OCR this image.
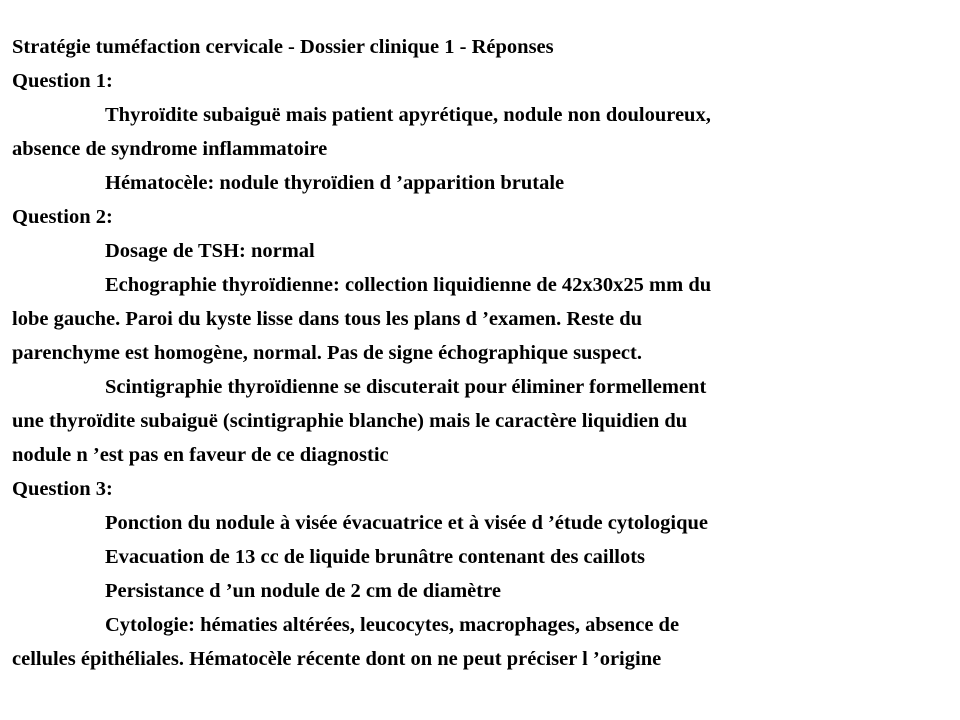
Stratégie tuméfaction cervicale - Dossier clinique 1 - Réponses
Question 1:
Thyroïdite subaiguë mais patient apyrétique, nodule non douloureux,
absence de syndrome inflammatoire
Hématocèle: nodule thyroïdien d ’apparition brutale
Question 2:
Dosage de TSH: normal
Echographie thyroïdienne: collection liquidienne de 42x30x25 mm du
lobe gauche. Paroi du kyste lisse dans tous les plans d ’examen. Reste du
parenchyme est homogène, normal. Pas de signe échographique suspect.
Scintigraphie thyroïdienne se discuterait pour éliminer formellement
une thyroïdite subaiguë (scintigraphie blanche) mais le caractère liquidien du
nodule n ’est pas en faveur de ce diagnostic
Question 3:
Ponction du nodule à visée évacuatrice et à visée d ’étude cytologique
Evacuation de 13 cc de liquide brunâtre contenant des caillots
Persistance d ’un nodule de 2 cm de diamètre
Cytologie: hématies altérées, leucocytes, macrophages, absence de
cellules épithéliales. Hématocèle récente dont on ne peut préciser l ’origine
